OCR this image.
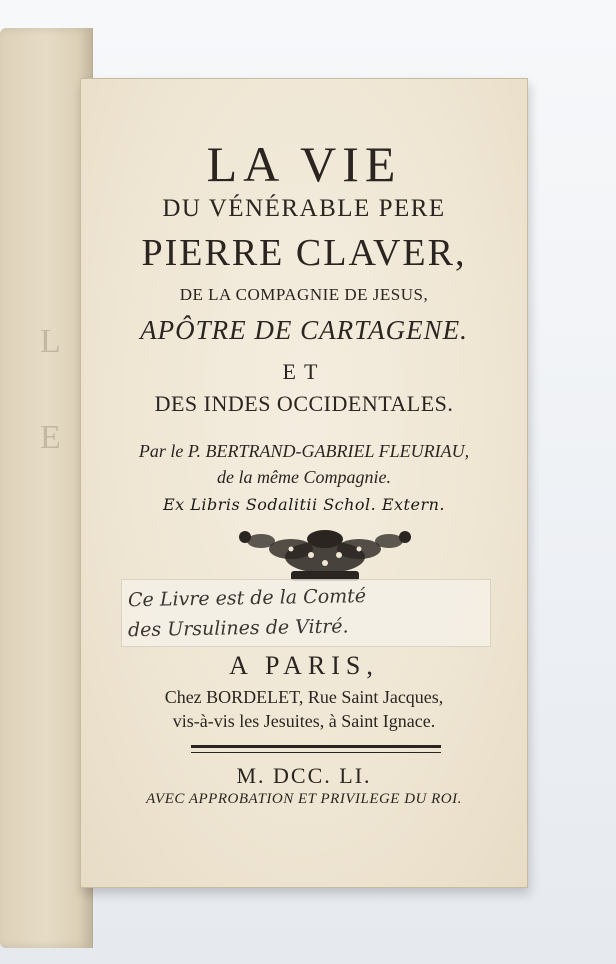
L

E
LA VIE
DU VÉNÉRABLE PERE
PIERRE CLAVER,
DE LA COMPAGNIE DE JESUS,
APÔTRE DE CARTAGENE.
ET
DES INDES OCCIDENTALES.
Par le P. BERTRAND-GABRIEL FLEURIAU,
de la même Compagnie.
Ex Libris Sodalitii Schol. Extern.
Ce Livre est de la Comté
des Ursulines de Vitré.
A PARIS,
Chez BORDELET, Rue Saint Jacques,
vis-à-vis les Jesuites, à Saint Ignace.
M. DCC. LI.
AVEC APPROBATION ET PRIVILEGE DU ROI.
